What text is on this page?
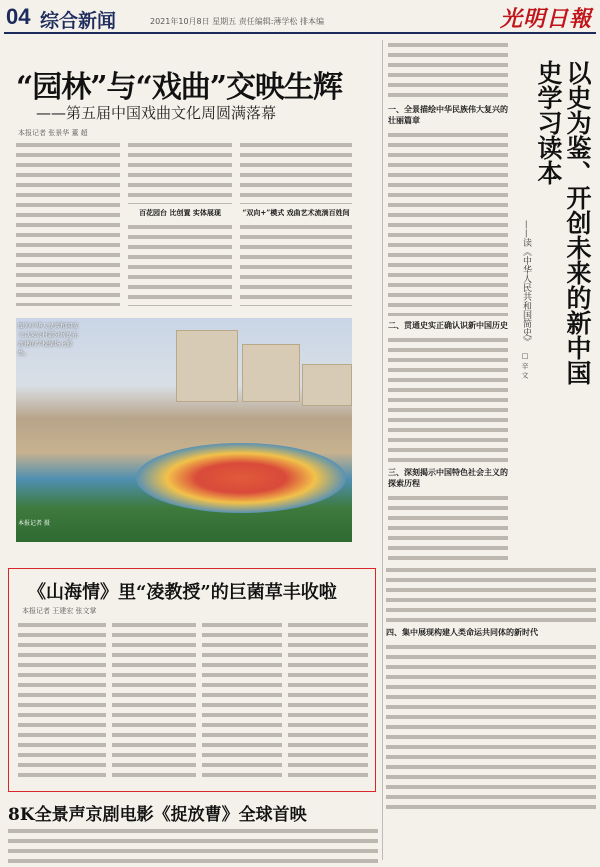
04 综合新闻	2021年10月8日 星期五 责任编辑:薄学松 排本编	光明日報
“园林”与“戏曲”交映生辉
——第五届中国戏曲文化周圆满落幕
本报记者 张景华 董 超
百花园台 比创置 实体展现	“双向+”模式 戏曲艺术流淌百姓间
图为中华人民共和国成立以来农村部分居民在新建的学校操场上锻炼。
本报记者 摄
一、全景描绘中华民族伟大复兴的壮丽篇章
二、贯通史实正确认识新中国历史
三、深刻揭示中国特色社会主义的探索历程
以史为鉴、开创未来的新中国史学习读本
——读《中华人民共和国简史》
□ 辛 文
四、集中展现构建人类命运共同体的新时代
《山海情》里“凌教授”的巨菌草丰收啦
本报记者 王建宏 张文掌
8K全景声京剧电影《捉放曹》全球首映
